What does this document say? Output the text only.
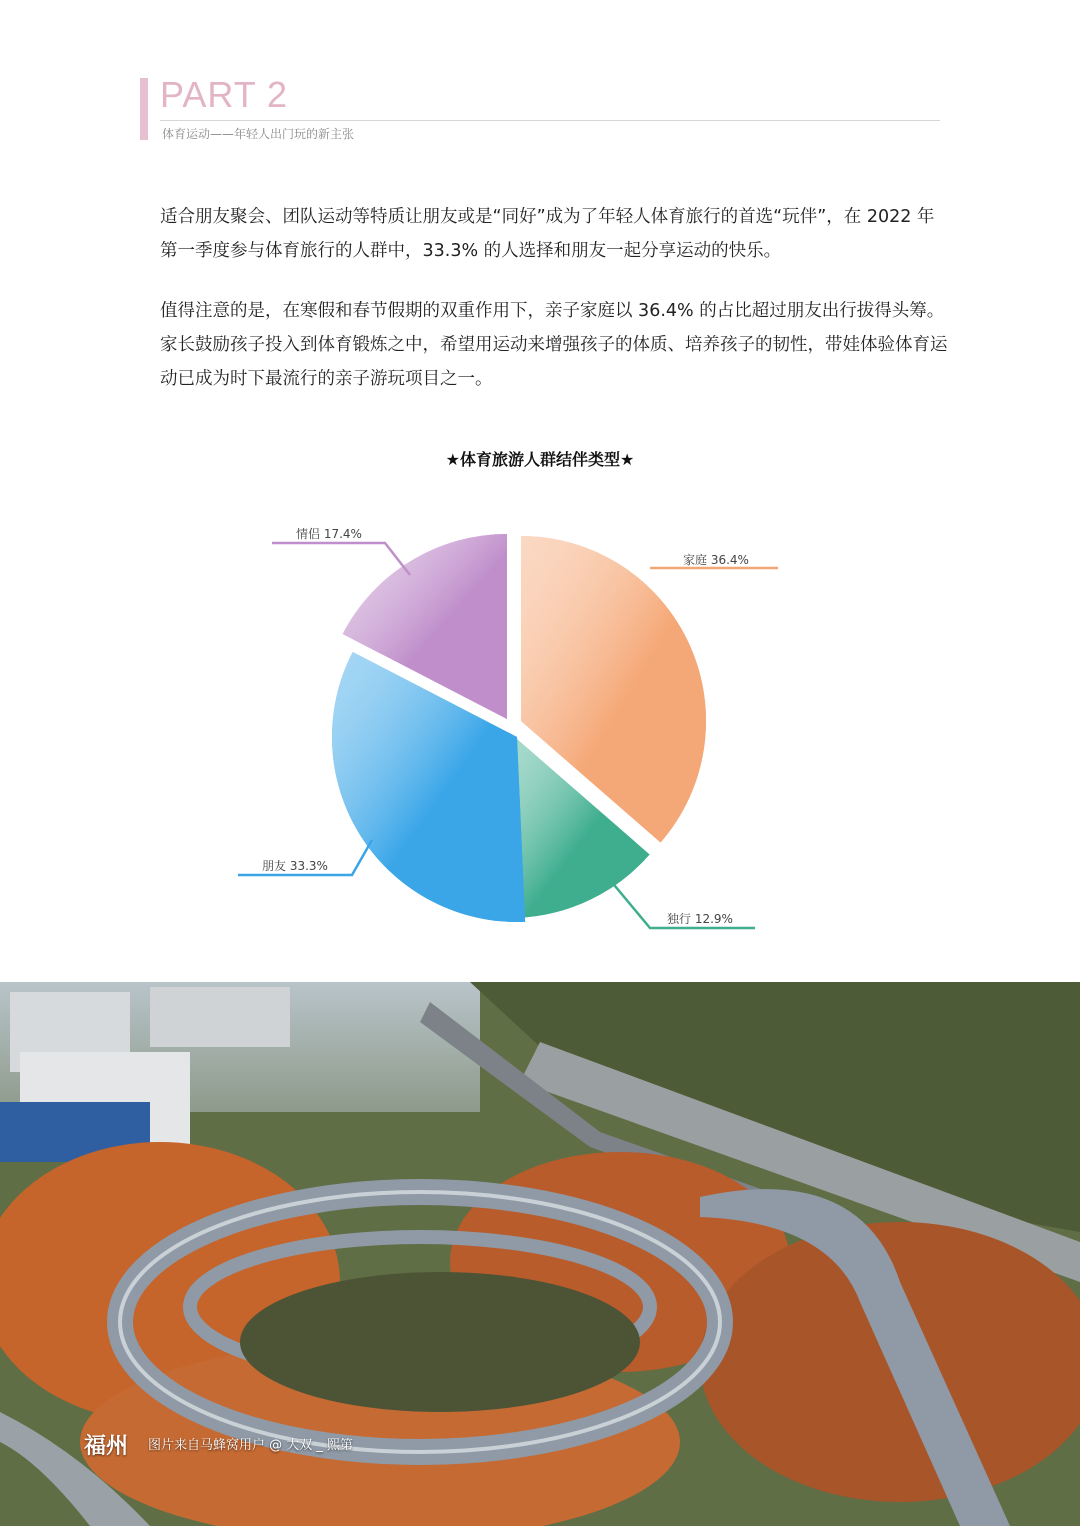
PART 2
体育运动——年轻人出门玩的新主张
适合朋友聚会、团队运动等特质让朋友或是“同好”成为了年轻人体育旅行的首选“玩伴”，在 2022 年第一季度参与体育旅行的人群中，33.3% 的人选择和朋友一起分享运动的快乐。
值得注意的是，在寒假和春节假期的双重作用下，亲子家庭以 36.4% 的占比超过朋友出行拔得头筹。家长鼓励孩子投入到体育锻炼之中，希望用运动来增强孩子的体质、培养孩子的韧性，带娃体验体育运动已成为时下最流行的亲子游玩项目之一。
★体育旅游人群结伴类型★
家庭 36.4%
独行 12.9%
朋友 33.3%
情侣 17.4%
福州 图片来自马蜂窝用户 @ 大双 _ 熙第
